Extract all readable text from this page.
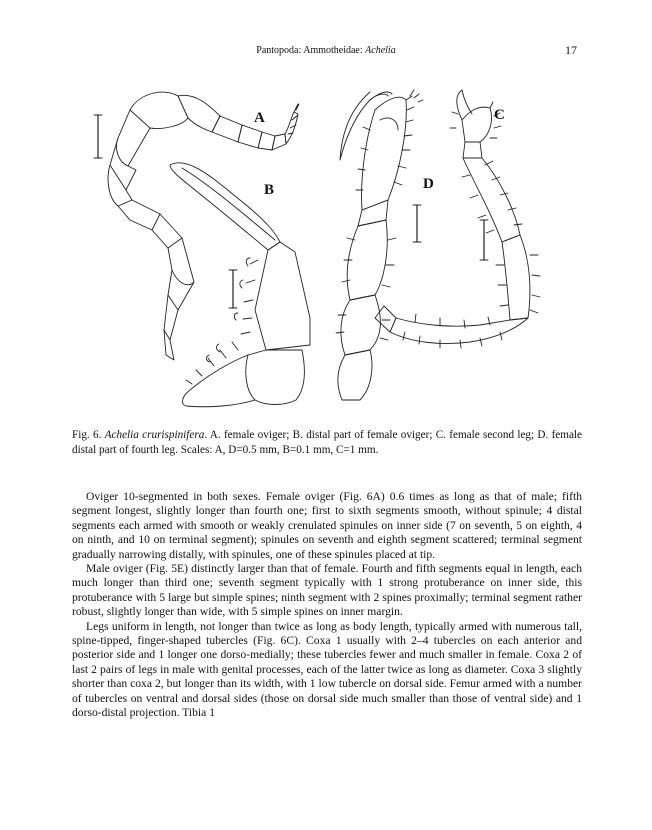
Pantopoda: Ammotheidae: Achelia	17
A
B	D
C
Fig. 6. Achelia crurispinifera. A. female oviger; B. distal part of female oviger; C. female second leg; D. female distal part of fourth leg. Scales: A, D=0.5 mm, B=0.1 mm, C=1 mm.

Oviger 10-segmented in both sexes. Female oviger (Fig. 6A) 0.6 times as long as that of male; fifth segment longest, slightly longer than fourth one; first to sixth segments smooth, without spinule; 4 distal segments each armed with smooth or weakly crenulated spinules on inner side (7 on seventh, 5 on eighth, 4 on ninth, and 10 on terminal segment); spinules on seventh and eighth segment scattered; terminal segment gradually narrowing distally, with spinules, one of these spinules placed at tip.

Male oviger (Fig. 5E) distinctly larger than that of female. Fourth and fifth segments equal in length, each much longer than third one; seventh segment typically with 1 strong protuberance on inner side, this protuberance with 5 large but simple spines; ninth segment with 2 spines proximally; terminal segment rather robust, slightly longer than wide, with 5 simple spines on inner margin.

Legs uniform in length, not longer than twice as long as body length, typically armed with numerous tall, spine-tipped, finger-shaped tubercles (Fig. 6C). Coxa 1 usually with 2–4 tubercles on each anterior and posterior side and 1 longer one dorso-medially; these tubercles fewer and much smaller in female. Coxa 2 of last 2 pairs of legs in male with genital processes, each of the latter twice as long as diameter. Coxa 3 slightly shorter than coxa 2, but longer than its width, with 1 low tubercle on dorsal side. Femur armed with a number of tubercles on ventral and dorsal sides (those on dorsal side much smaller than those of ventral side) and 1 dorso-distal projection. Tibia 1
